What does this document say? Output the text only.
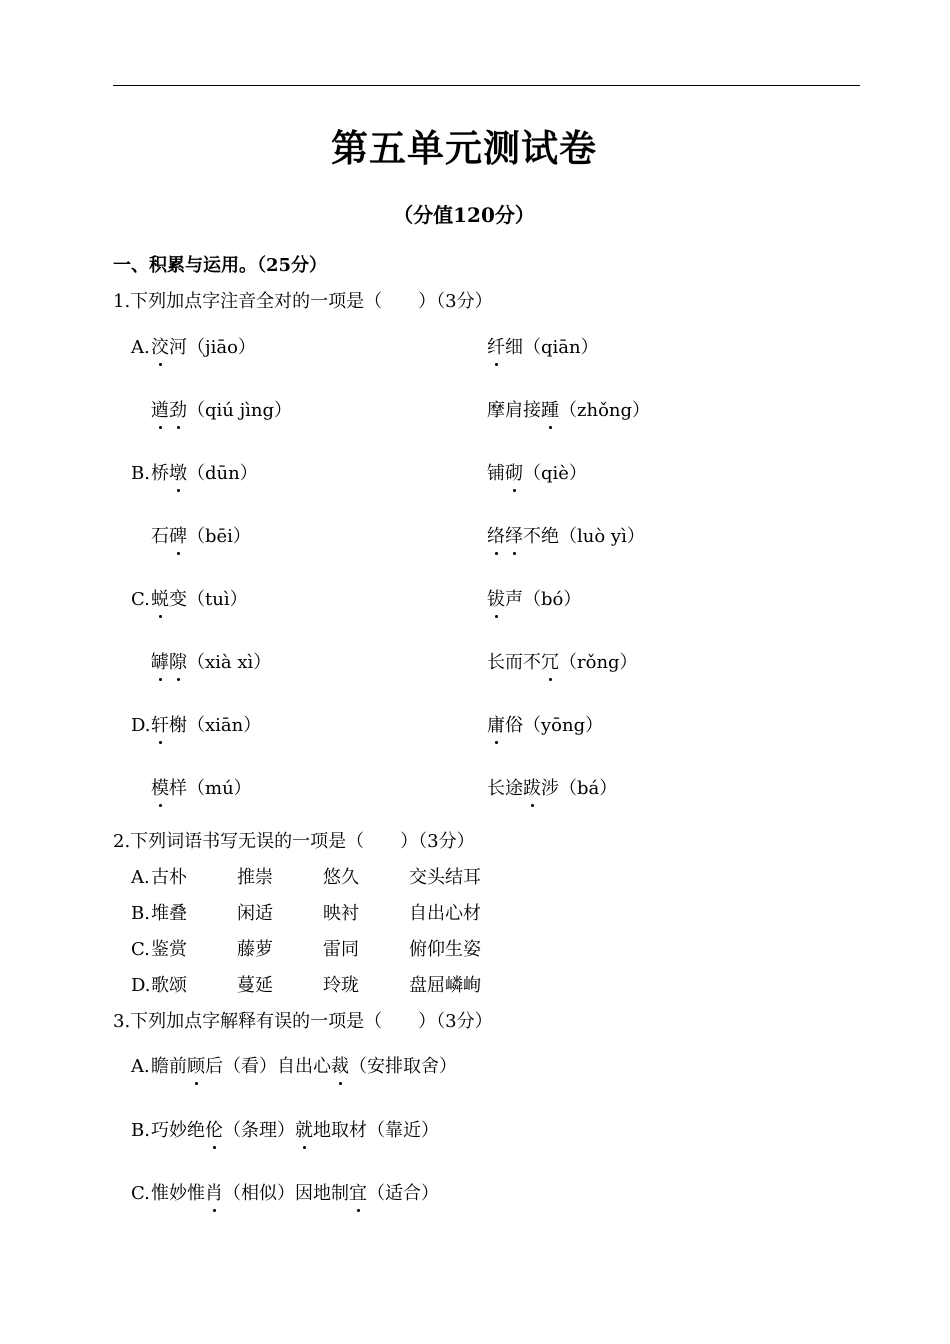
第五单元测试卷
（分值120分）
一、积累与运用。（25分）
1.下列加点字注音全对的一项是（　　）（3分）
A.洨河（jiāo）	纤细（qiān）
遒劲（qiú jìng）	摩肩接踵（zhǒng）
B.桥墩（dūn）	铺砌（qiè）
石碑（bēi）	络绎不绝（luò yì）
C.蜕变（tuì）	钹声（bó）
罅隙（xià xì）	长而不冗（rǒng）
D.轩榭（xiān）	庸俗（yōng）
模样（mú）	长途跋涉（bá）
2.下列词语书写无误的一项是（　　）（3分）
A.古朴	推崇	悠久	交头结耳
B.堆叠	闲适	映衬	自出心材
C.鉴赏	藤萝	雷同	俯仰生姿
D.歌颂	蔓延	玲珑	盘屈嶙峋
3.下列加点字解释有误的一项是（　　）（3分）
A.瞻前顾后（看）自出心裁（安排取舍）
B.巧妙绝伦（条理）就地取材（靠近）
C.惟妙惟肖（相似）因地制宜（适合）
